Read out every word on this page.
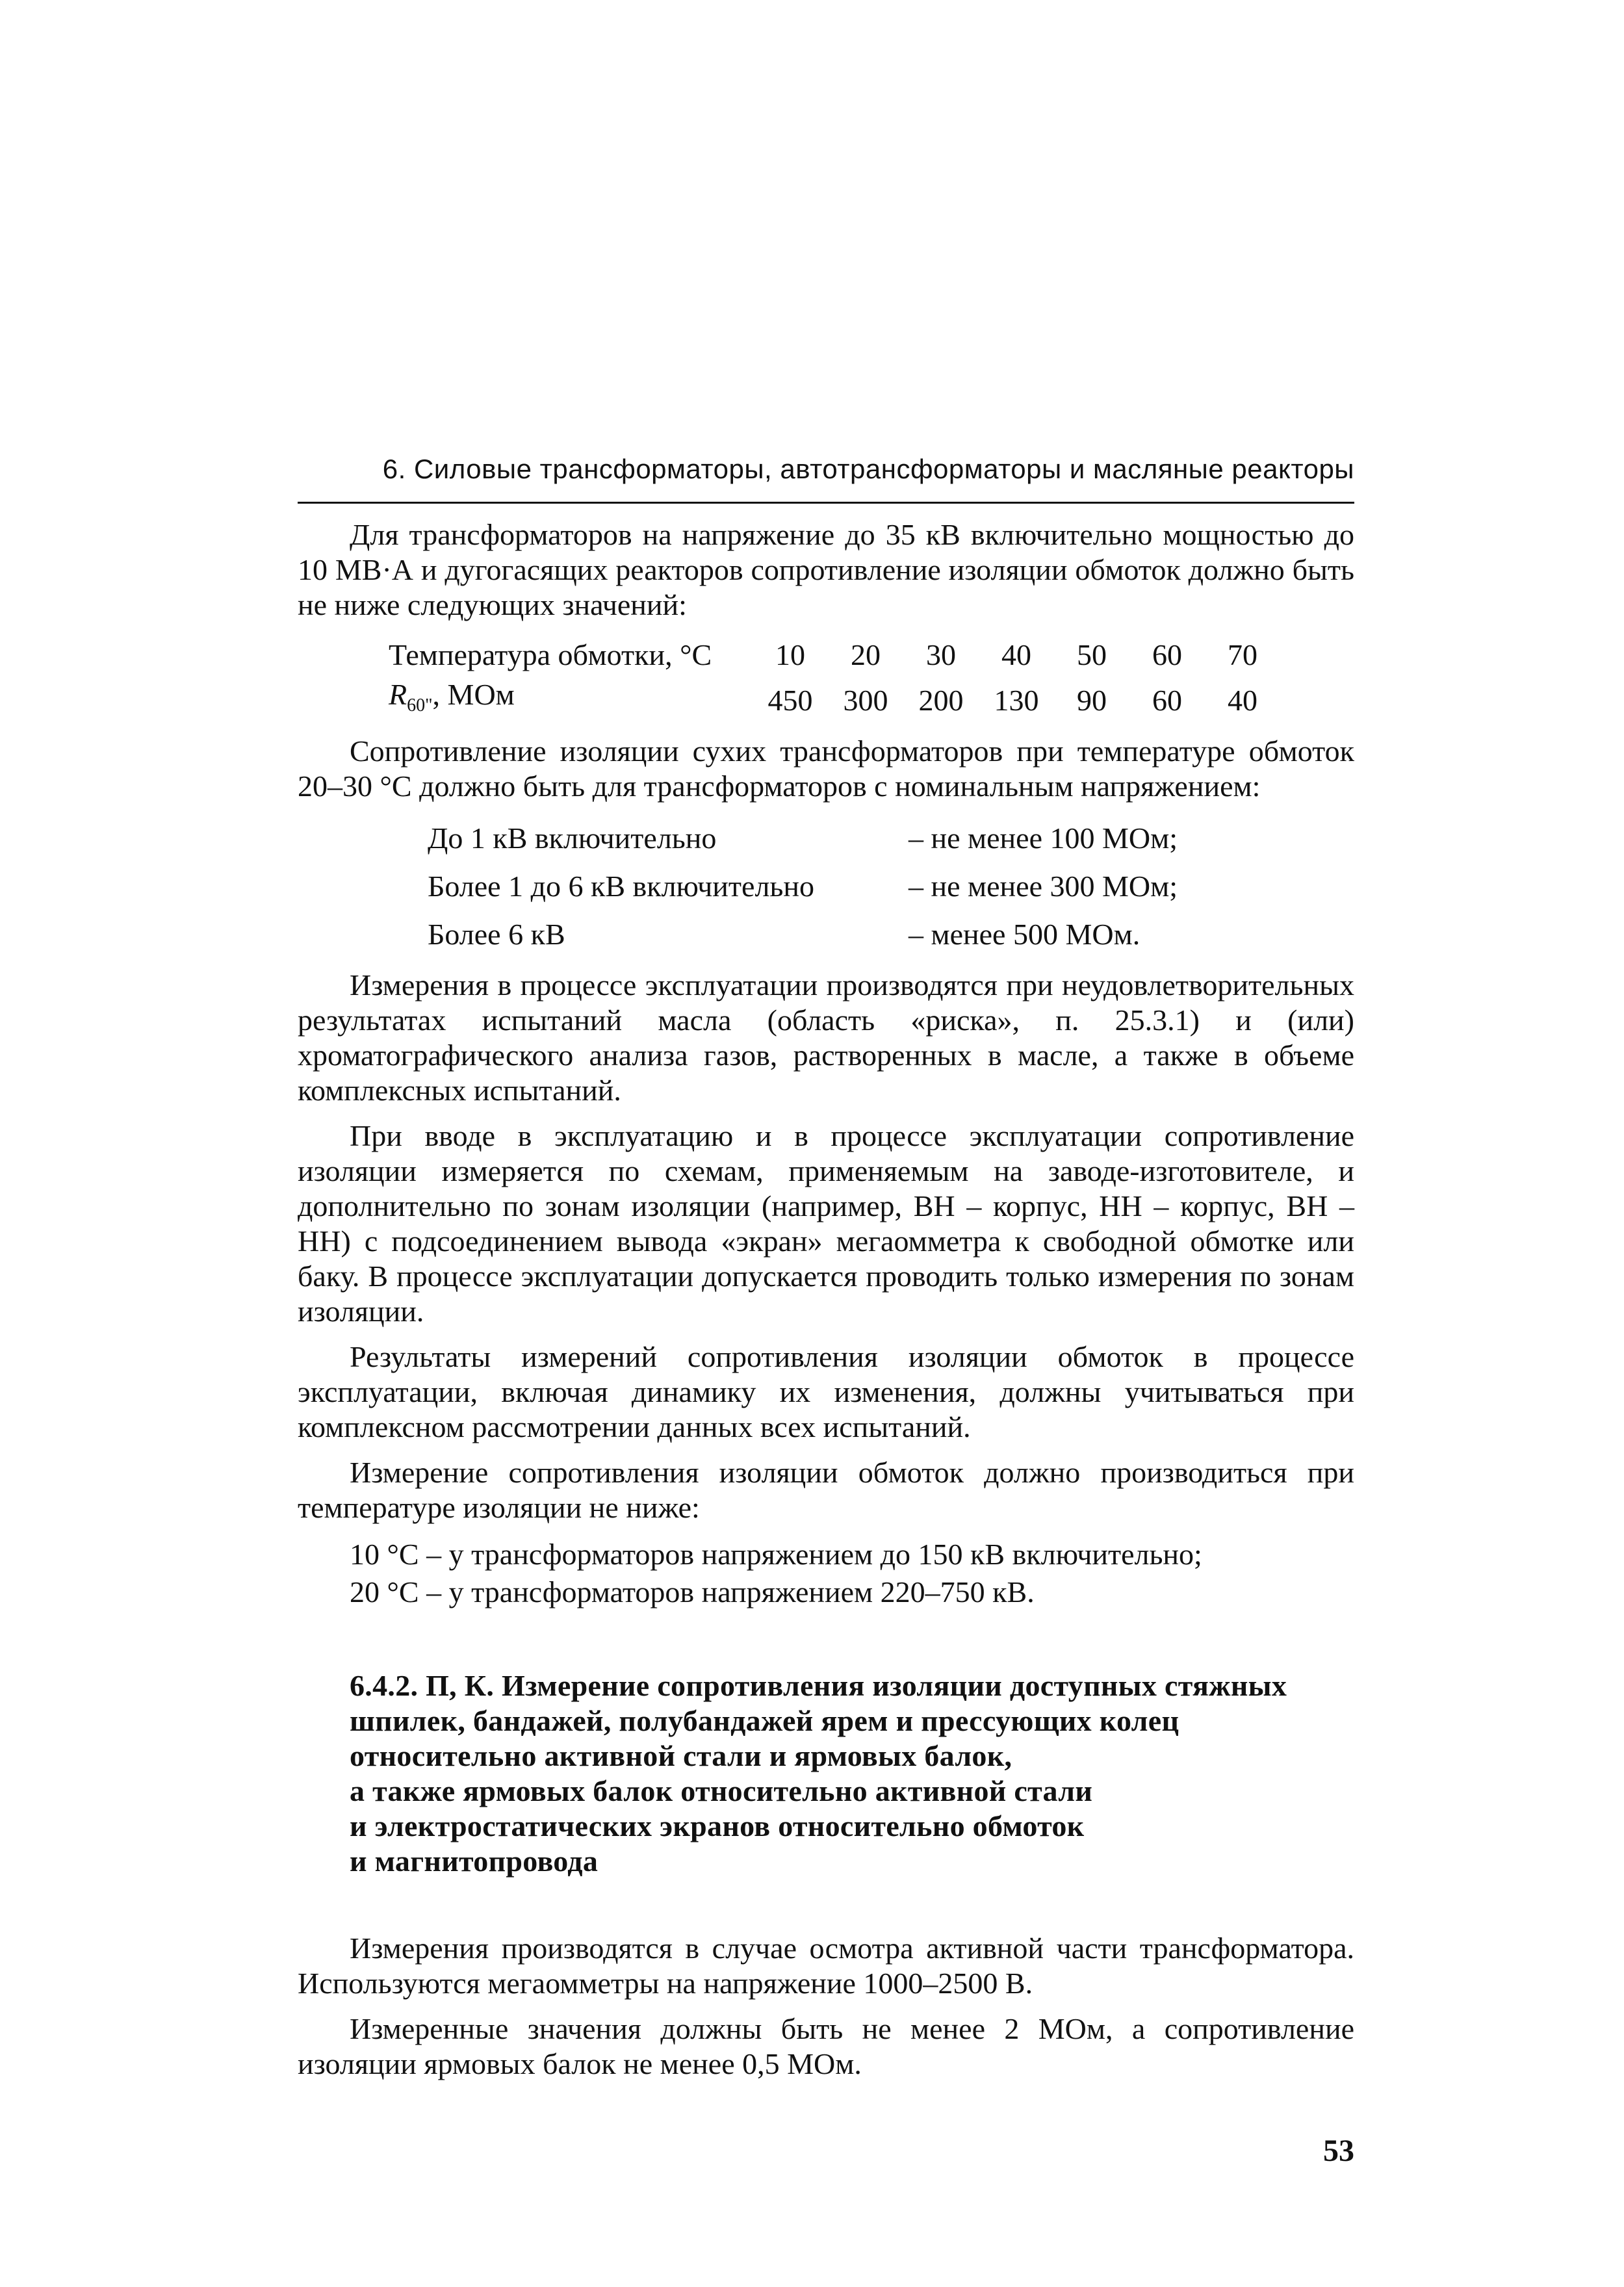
6. Силовые трансформаторы, автотрансформаторы и масляные реакторы

Для трансформаторов на напряжение до 35 кВ включительно мощностью до 10 МВ·А и дугогасящих реакторов сопротивление изоляции обмоток должно быть не ниже следующих значений:

Температура обмотки, °С	10	20	30	40	50	60	70
$R_{60"}$, МОм	450	300	200	130	90	60	40

Сопротивление изоляции сухих трансформаторов при температуре обмоток 20–30 °С должно быть для трансформаторов с номинальным напряжением:

До 1 кВ включительно	– не менее 100 МОм;
Более 1 до 6 кВ включительно	– не менее 300 МОм;
Более 6 кВ	– менее 500 МОм.

Измерения в процессе эксплуатации производятся при неудовлетворительных результатах испытаний масла (область «риска», п. 25.3.1) и (или) хроматографического анализа газов, растворенных в масле, а также в объеме комплексных испытаний.

При вводе в эксплуатацию и в процессе эксплуатации сопротивление изоляции измеряется по схемам, применяемым на заводе-изготовителе, и дополнительно по зонам изоляции (например, ВН – корпус, НН – корпус, ВН – НН) с подсоединением вывода «экран» мегаомметра к свободной обмотке или баку. В процессе эксплуатации допускается проводить только измерения по зонам изоляции.

Результаты измерений сопротивления изоляции обмоток в процессе эксплуатации, включая динамику их изменения, должны учитываться при комплексном рассмотрении данных всех испытаний.

Измерение сопротивления изоляции обмоток должно производиться при температуре изоляции не ниже:

10 °С – у трансформаторов напряжением до 150 кВ включительно;
20 °С – у трансформаторов напряжением 220–750 кВ.
6.4.2. П, К. Измерение сопротивления изоляции доступных стяжных
шпилек, бандажей, полубандажей ярем и прессующих колец
относительно активной стали и ярмовых балок,
а также ярмовых балок относительно активной стали
и электростатических экранов относительно обмоток
и магнитопровода

Измерения производятся в случае осмотра активной части трансформатора. Используются мегаомметры на напряжение 1000–2500 В.

Измеренные значения должны быть не менее 2 МОм, а сопротивление изоляции ярмовых балок не менее 0,5 МОм.

53
